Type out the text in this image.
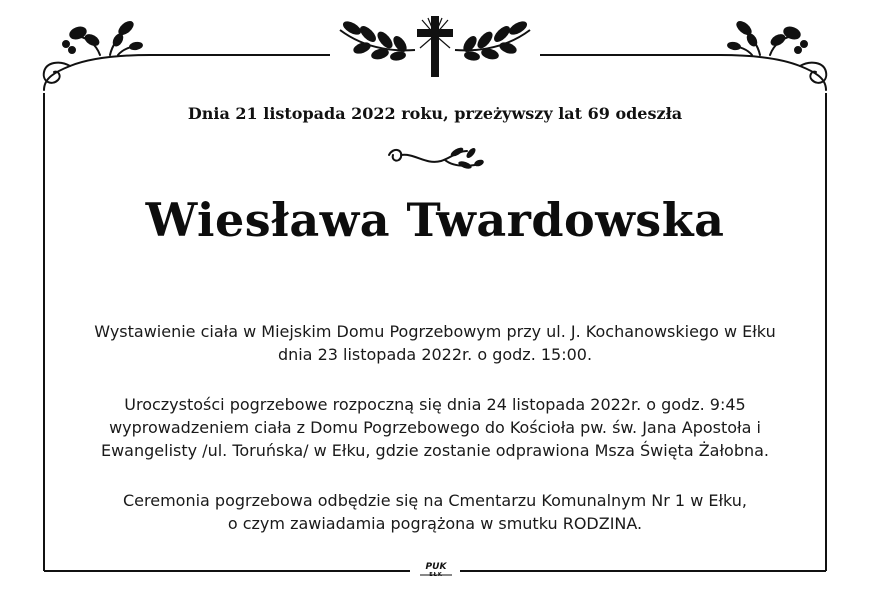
Dnia 21 listopada 2022 roku, przeżywszy lat 69 odeszła
Wiesława Twardowska

Wystawienie ciała w Miejskim Domu Pogrzebowym przy ul. J. Kochanowskiego w Ełku
dnia 23 listopada 2022r. o godz. 15:00.

Uroczystości pogrzebowe rozpoczną się dnia 24 listopada 2022r. o godz. 9:45
wyprowadzeniem ciała z Domu Pogrzebowego do Kościoła pw. św. Jana Apostoła i
Ewangelisty /ul. Toruńska/ w Ełku, gdzie zostanie odprawiona Msza Święta Żałobna.

Ceremonia pogrzebowa odbędzie się na Cmentarzu Komunalnym Nr 1 w Ełku,
o czym zawiadamia pogrążona w smutku RODZINA.

PUK
EŁK
